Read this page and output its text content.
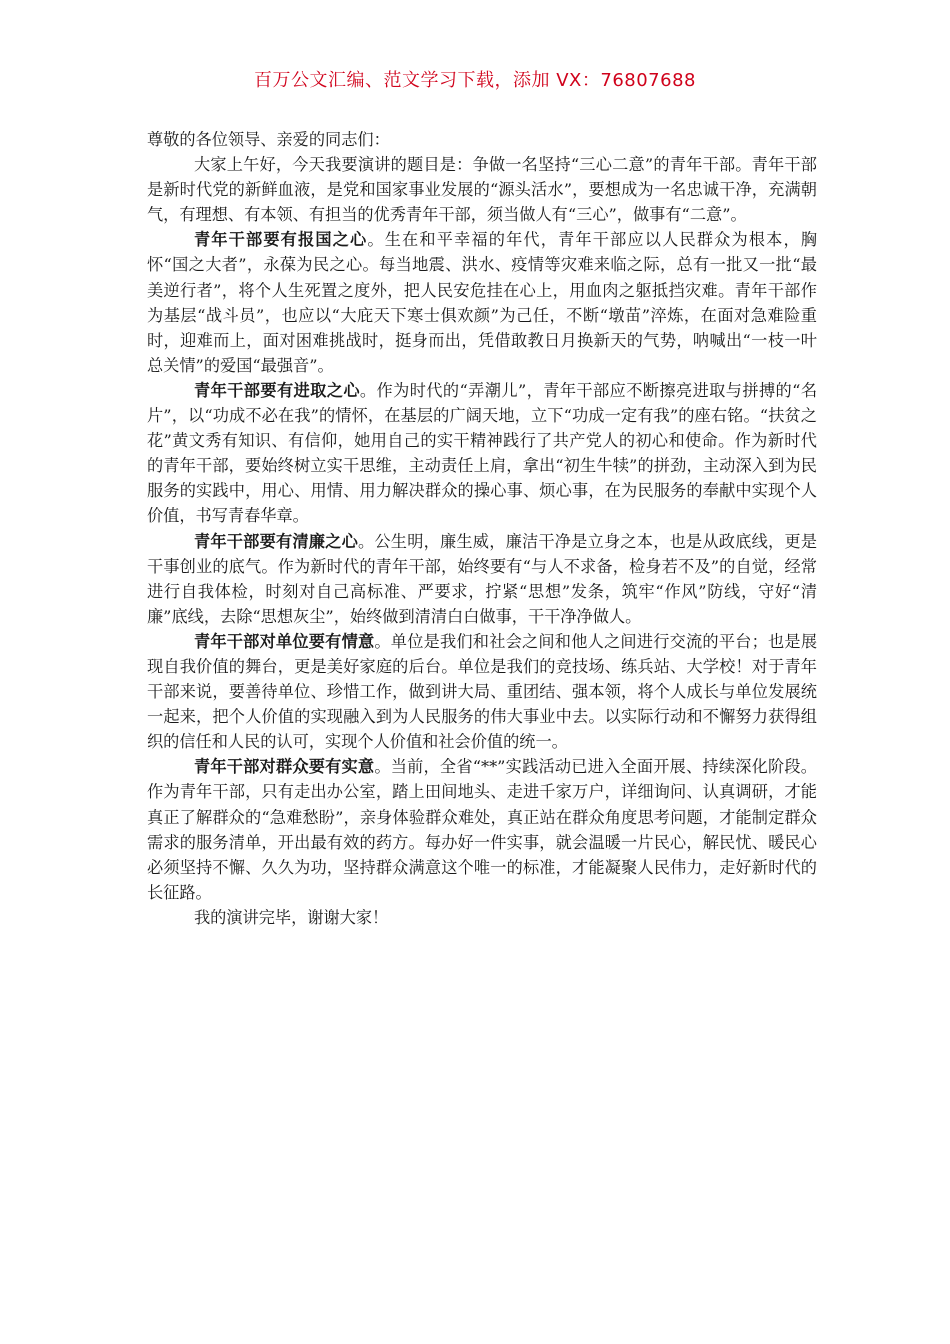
百万公文汇编、范文学习下载，添加 VX：76807688

尊敬的各位领导、亲爱的同志们：

大家上午好，今天我要演讲的题目是：争做一名坚持“三心二意”的青年干部。青年干部是新时代党的新鲜血液，是党和国家事业发展的“源头活水”，要想成为一名忠诚干净，充满朝气，有理想、有本领、有担当的优秀青年干部，须当做人有“三心”，做事有“二意”。

青年干部要有报国之心。生在和平幸福的年代，青年干部应以人民群众为根本，胸怀“国之大者”，永葆为民之心。每当地震、洪水、疫情等灾难来临之际，总有一批又一批“最美逆行者”，将个人生死置之度外，把人民安危挂在心上，用血肉之躯抵挡灾难。青年干部作为基层“战斗员”，也应以“大庇天下寒士俱欢颜”为己任，不断“墩苗”淬炼，在面对急难险重时，迎难而上，面对困难挑战时，挺身而出，凭借敢教日月换新天的气势，呐喊出“一枝一叶总关情”的爱国“最强音”。

青年干部要有进取之心。作为时代的“弄潮儿”，青年干部应不断擦亮进取与拼搏的“名片”，以“功成不必在我”的情怀，在基层的广阔天地，立下“功成一定有我”的座右铭。“扶贫之花”黄文秀有知识、有信仰，她用自己的实干精神践行了共产党人的初心和使命。作为新时代的青年干部，要始终树立实干思维，主动责任上肩，拿出“初生牛犊”的拼劲，主动深入到为民服务的实践中，用心、用情、用力解决群众的操心事、烦心事，在为民服务的奉献中实现个人价值，书写青春华章。

青年干部要有清廉之心。公生明，廉生威，廉洁干净是立身之本，也是从政底线，更是干事创业的底气。作为新时代的青年干部，始终要有“与人不求备，检身若不及”的自觉，经常进行自我体检，时刻对自己高标准、严要求，拧紧“思想”发条，筑牢“作风”防线，守好“清廉”底线，去除“思想灰尘”，始终做到清清白白做事，干干净净做人。

青年干部对单位要有情意。单位是我们和社会之间和他人之间进行交流的平台；也是展现自我价值的舞台，更是美好家庭的后台。单位是我们的竞技场、练兵站、大学校！对于青年干部来说，要善待单位、珍惜工作，做到讲大局、重团结、强本领，将个人成长与单位发展统一起来，把个人价值的实现融入到为人民服务的伟大事业中去。以实际行动和不懈努力获得组织的信任和人民的认可，实现个人价值和社会价值的统一。

青年干部对群众要有实意。当前，全省“**”实践活动已进入全面开展、持续深化阶段。作为青年干部，只有走出办公室，踏上田间地头、走进千家万户，详细询问、认真调研，才能真正了解群众的“急难愁盼”，亲身体验群众难处，真正站在群众角度思考问题，才能制定群众需求的服务清单，开出最有效的药方。每办好一件实事，就会温暖一片民心，解民忧、暖民心必须坚持不懈、久久为功，坚持群众满意这个唯一的标准，才能凝聚人民伟力，走好新时代的长征路。

我的演讲完毕，谢谢大家！
